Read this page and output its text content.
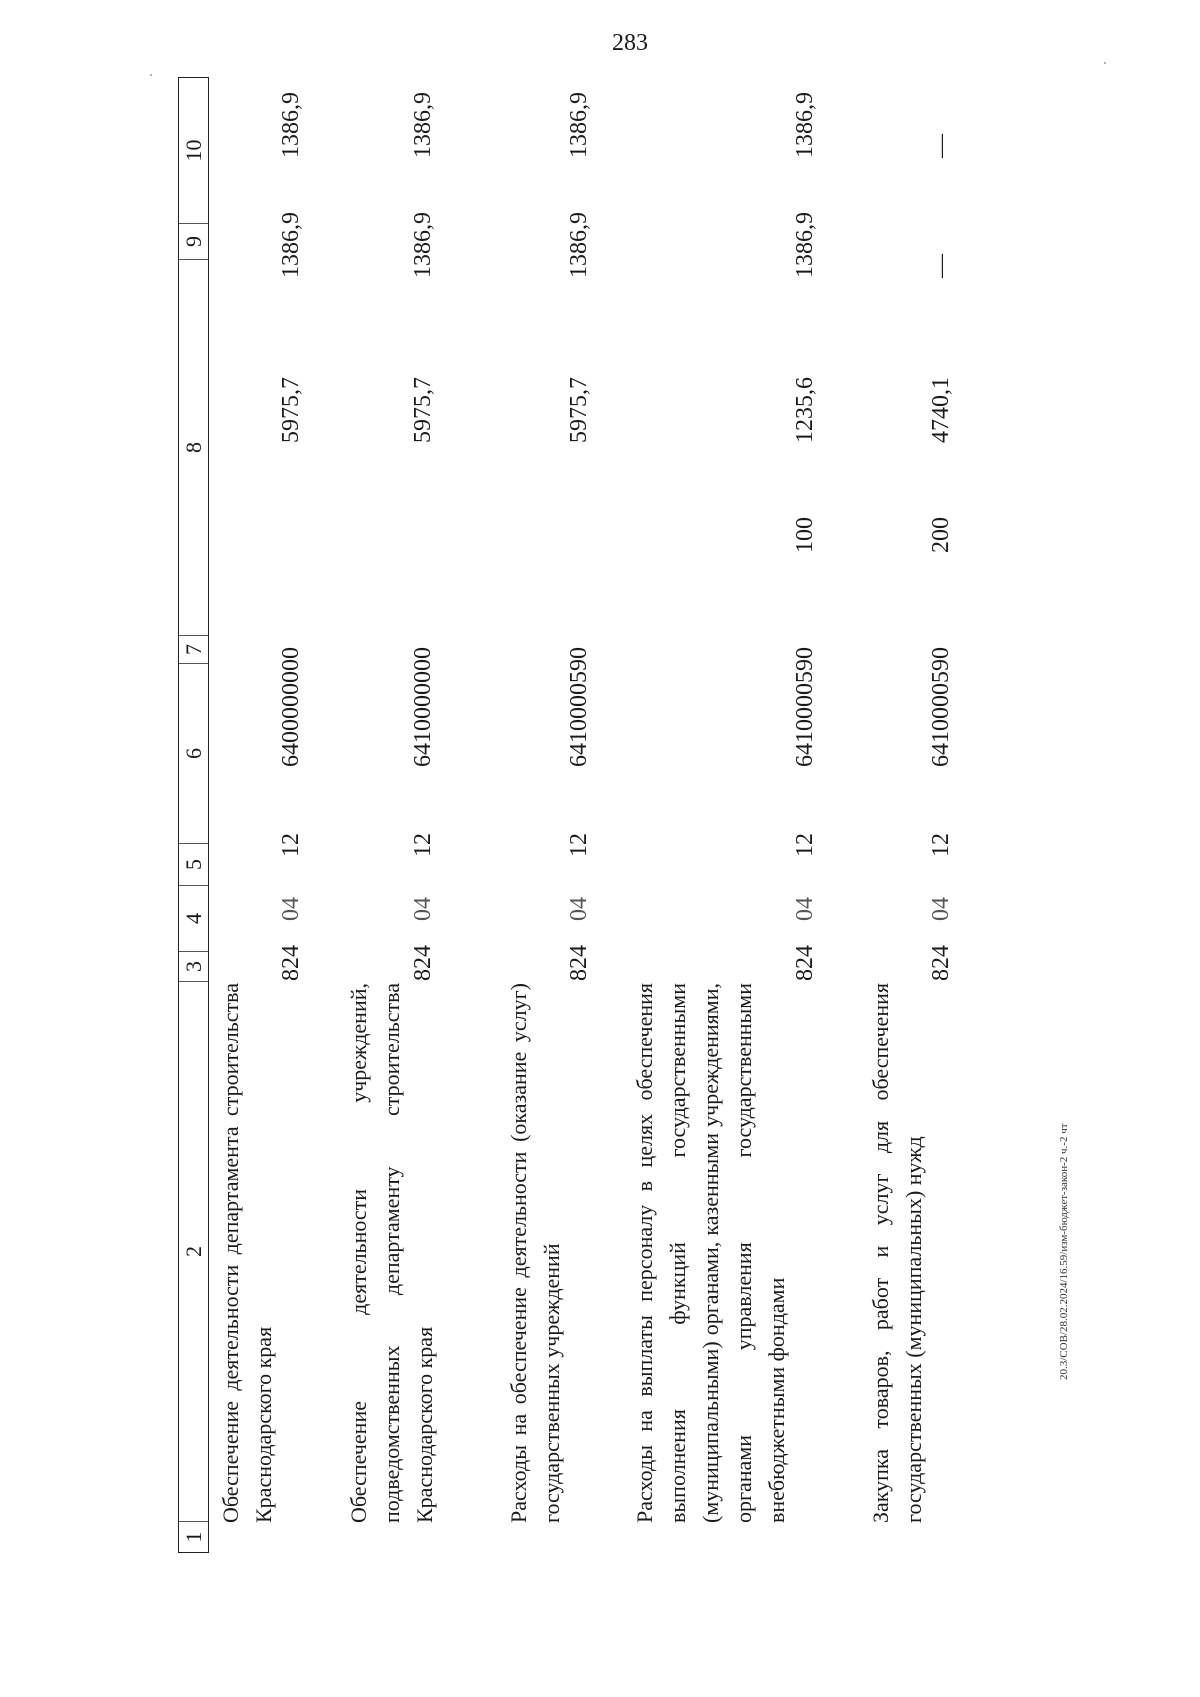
283
1
2
3
4
5
6
7
8
9
10
Обеспечение деятельности департамента строительства Краснодарского края
824
04
12
6400000000
5975,7
1386,9
1386,9
Обеспечение деятельности учреждений, подведомственных департаменту строительства Краснодарского края
824
04
12
6410000000
5975,7
1386,9
1386,9
Расходы на обеспечение деятельности (оказание услуг) государственных учреждений
824
04
12
6410000590
5975,7
1386,9
1386,9
Расходы на выплаты персоналу в целях обеспечения выполнения функций государственными (муниципальными) органами, казенными учреждениями, органами управления государственными внебюджетными фондами
824
04
12
6410000590
100
1235,6
1386,9
1386,9
Закупка товаров, работ и услуг для обеспечения государственных (муниципальных) нужд
824
04
12
6410000590
200
4740,1
—
—
20.3/СОВ/28.02.2024/16.59/изм-бюджет-закон-2 ч.-2 чт
